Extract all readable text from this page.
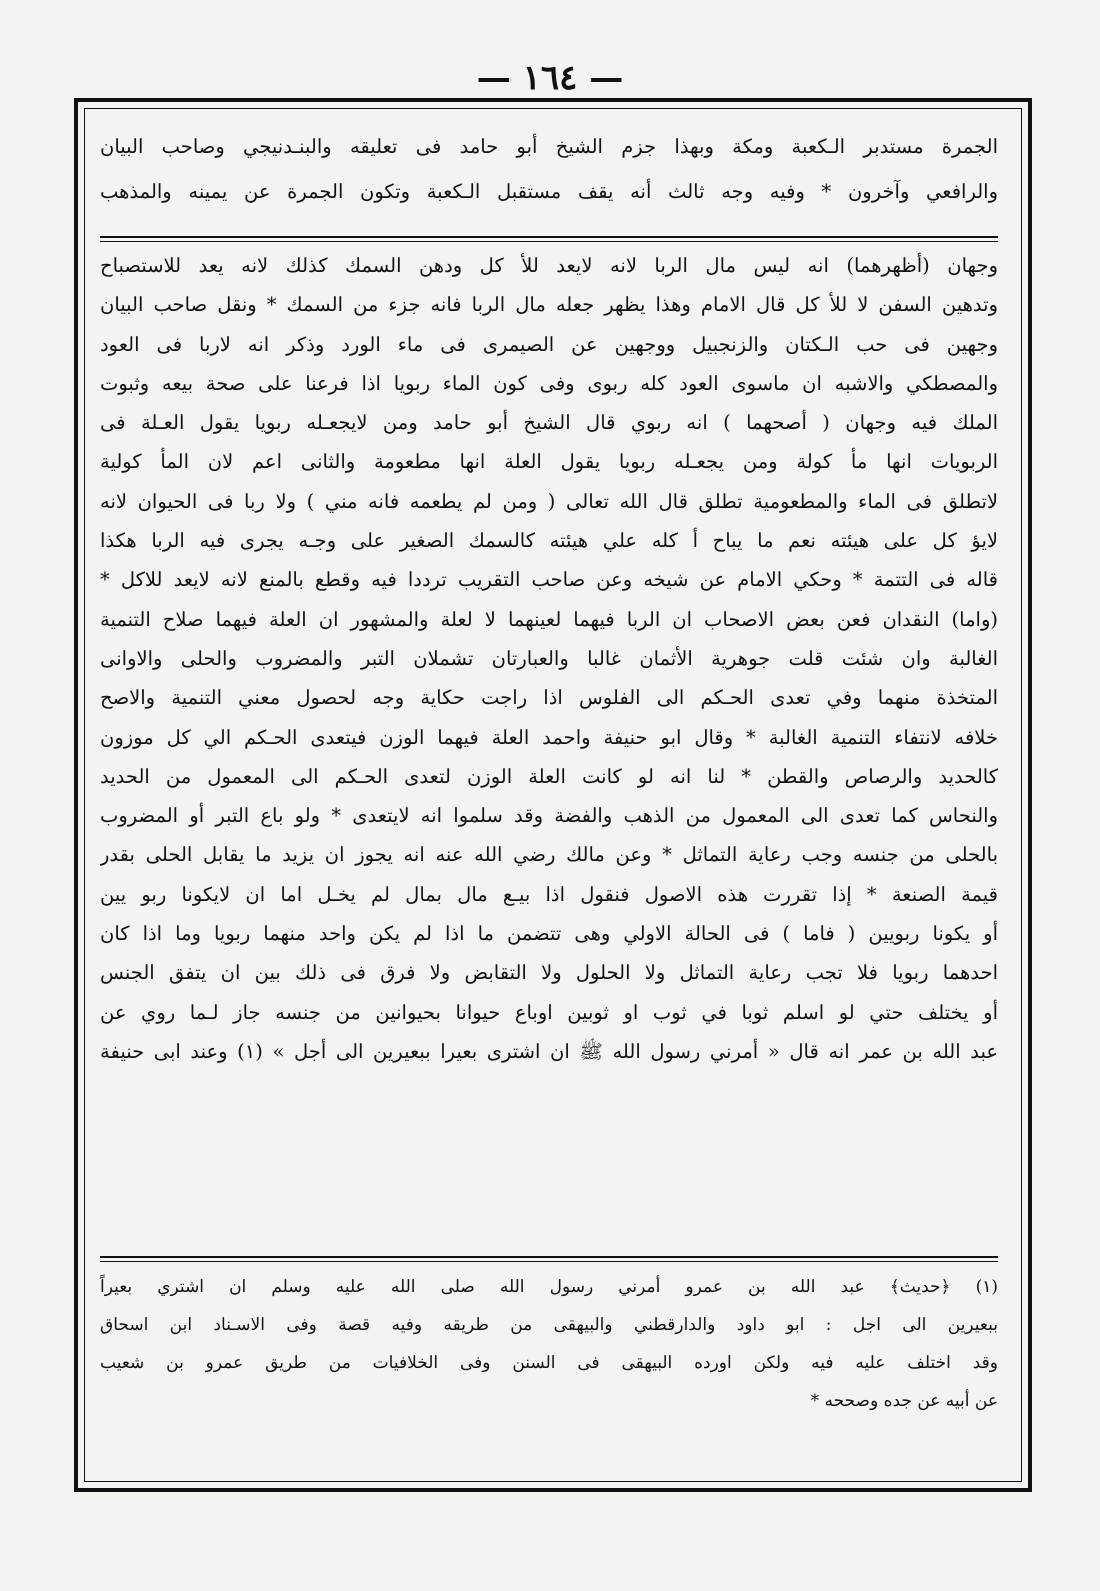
— ١٦٤ —

الجمرة مستدبر الـكعبة ومكة وبهذا جزم الشيخ أبو حامد فى تعليقه والبنـدنيجي وصاحب البيان

والرافعي وآخرون * وفيه وجه ثالث أنه يقف مستقبل الـكعبة وتكون الجمرة عن يمينه والمذهب

وجهان (أظهرهما) انه ليس مال الربا لانه لايعد للأ كل ودهن السمك كذلك لانه يعد للاستصباح

وتدهين السفن لا للأ كل قال الامام وهذا يظهر جعله مال الربا فانه جزء من السمك * ونقل صاحب البيان

وجهين فى حب الـكتان والزنجبيل ووجهين عن الصيمرى فى ماء الورد وذكر انه لاربا فى العود

والمصطكي والاشبه ان ماسوى العود كله ربوى وفى كون الماء ربويا اذا فرعنا على صحة بيعه وثبوت

الملك فيه وجهان ( أصحهما ) انه ربوي قال الشيخ أبو حامد ومن لايجعـله ربويا يقول العـلة فى

الربويات انها مأ كولة ومن يجعـله ربويا يقول العلة انها مطعومة والثانى اعم لان المأ كولية

لاتطلق فى الماء والمطعومية تطلق قال الله تعالى ( ومن لم يطعمه فانه مني ) ولا ربا فى الحيوان لانه

لايؤ كل على هيئته نعم ما يباح أ كله علي هيئته كالسمك الصغير على وجـه يجرى فيه الربا هكذا

قاله فى التتمة * وحكي الامام عن شيخه وعن صاحب التقريب ترددا فيه وقطع بالمنع لانه لايعد للاكل *

(واما) النقدان فعن بعض الاصحاب ان الربا فيهما لعينهما لا لعلة والمشهور ان العلة فيهما صلاح التنمية

الغالبة وان شئت قلت جوهرية الأثمان غالبا والعبارتان تشملان التبر والمضروب والحلى والاوانى

المتخذة منهما وفي تعدى الحـكم الى الفلوس اذا راجت حكاية وجه لحصول معني التنمية والاصح

خلافه لانتفاء التنمية الغالبة * وقال ابو حنيفة واحمد العلة فيهما الوزن فيتعدى الحـكم الي كل موزون

كالحديد والرصاص والقطن * لنا انه لو كانت العلة الوزن لتعدى الحـكم الى المعمول من الحديد

والنحاس كما تعدى الى المعمول من الذهب والفضة وقد سلموا انه لايتعدى * ولو باع التبر أو المضروب

بالحلى من جنسه وجب رعاية التماثل * وعن مالك رضي الله عنه انه يجوز ان يزيد ما يقابل الحلى بقدر

قيمة الصنعة * إذا تقررت هذه الاصول فنقول اذا بيـع مال بمال لم يخـل اما ان لايكونا ربو يين

أو يكونا ربويين ( فاما ) فى الحالة الاولي وهى تتضمن ما اذا لم يكن واحد منهما ربويا وما اذا كان

احدهما ربويا فلا تجب رعاية التماثل ولا الحلول ولا التقابض ولا فرق فى ذلك بين ان يتفق الجنس

أو يختلف حتي لو اسلم ثوبا في ثوب او ثوبين اوباع حيوانا بحيوانين من جنسه جاز لـما روي عن

عبد الله بن عمر انه قال « أمرني رسول الله ﷺ ان اشترى بعيرا ببعيرين الى أجل » (١) وعند ابى حنيفة

(١) ﴿حديث﴾ عبد الله بن عمرو أمرني رسول الله صلى الله عليه وسلم ان اشتري بعيراً

ببعيرين الى اجل : ابو داود والدارقطني والبيهقى من طريقه وفيه قصة وفى الاسـناد ابن اسحاق

وقد اختلف عليه فيه ولكن اورده البيهقى فى السنن وفى الخلافيات من طريق عمرو بن شعيب

عن أبيه عن جده وصححه *
